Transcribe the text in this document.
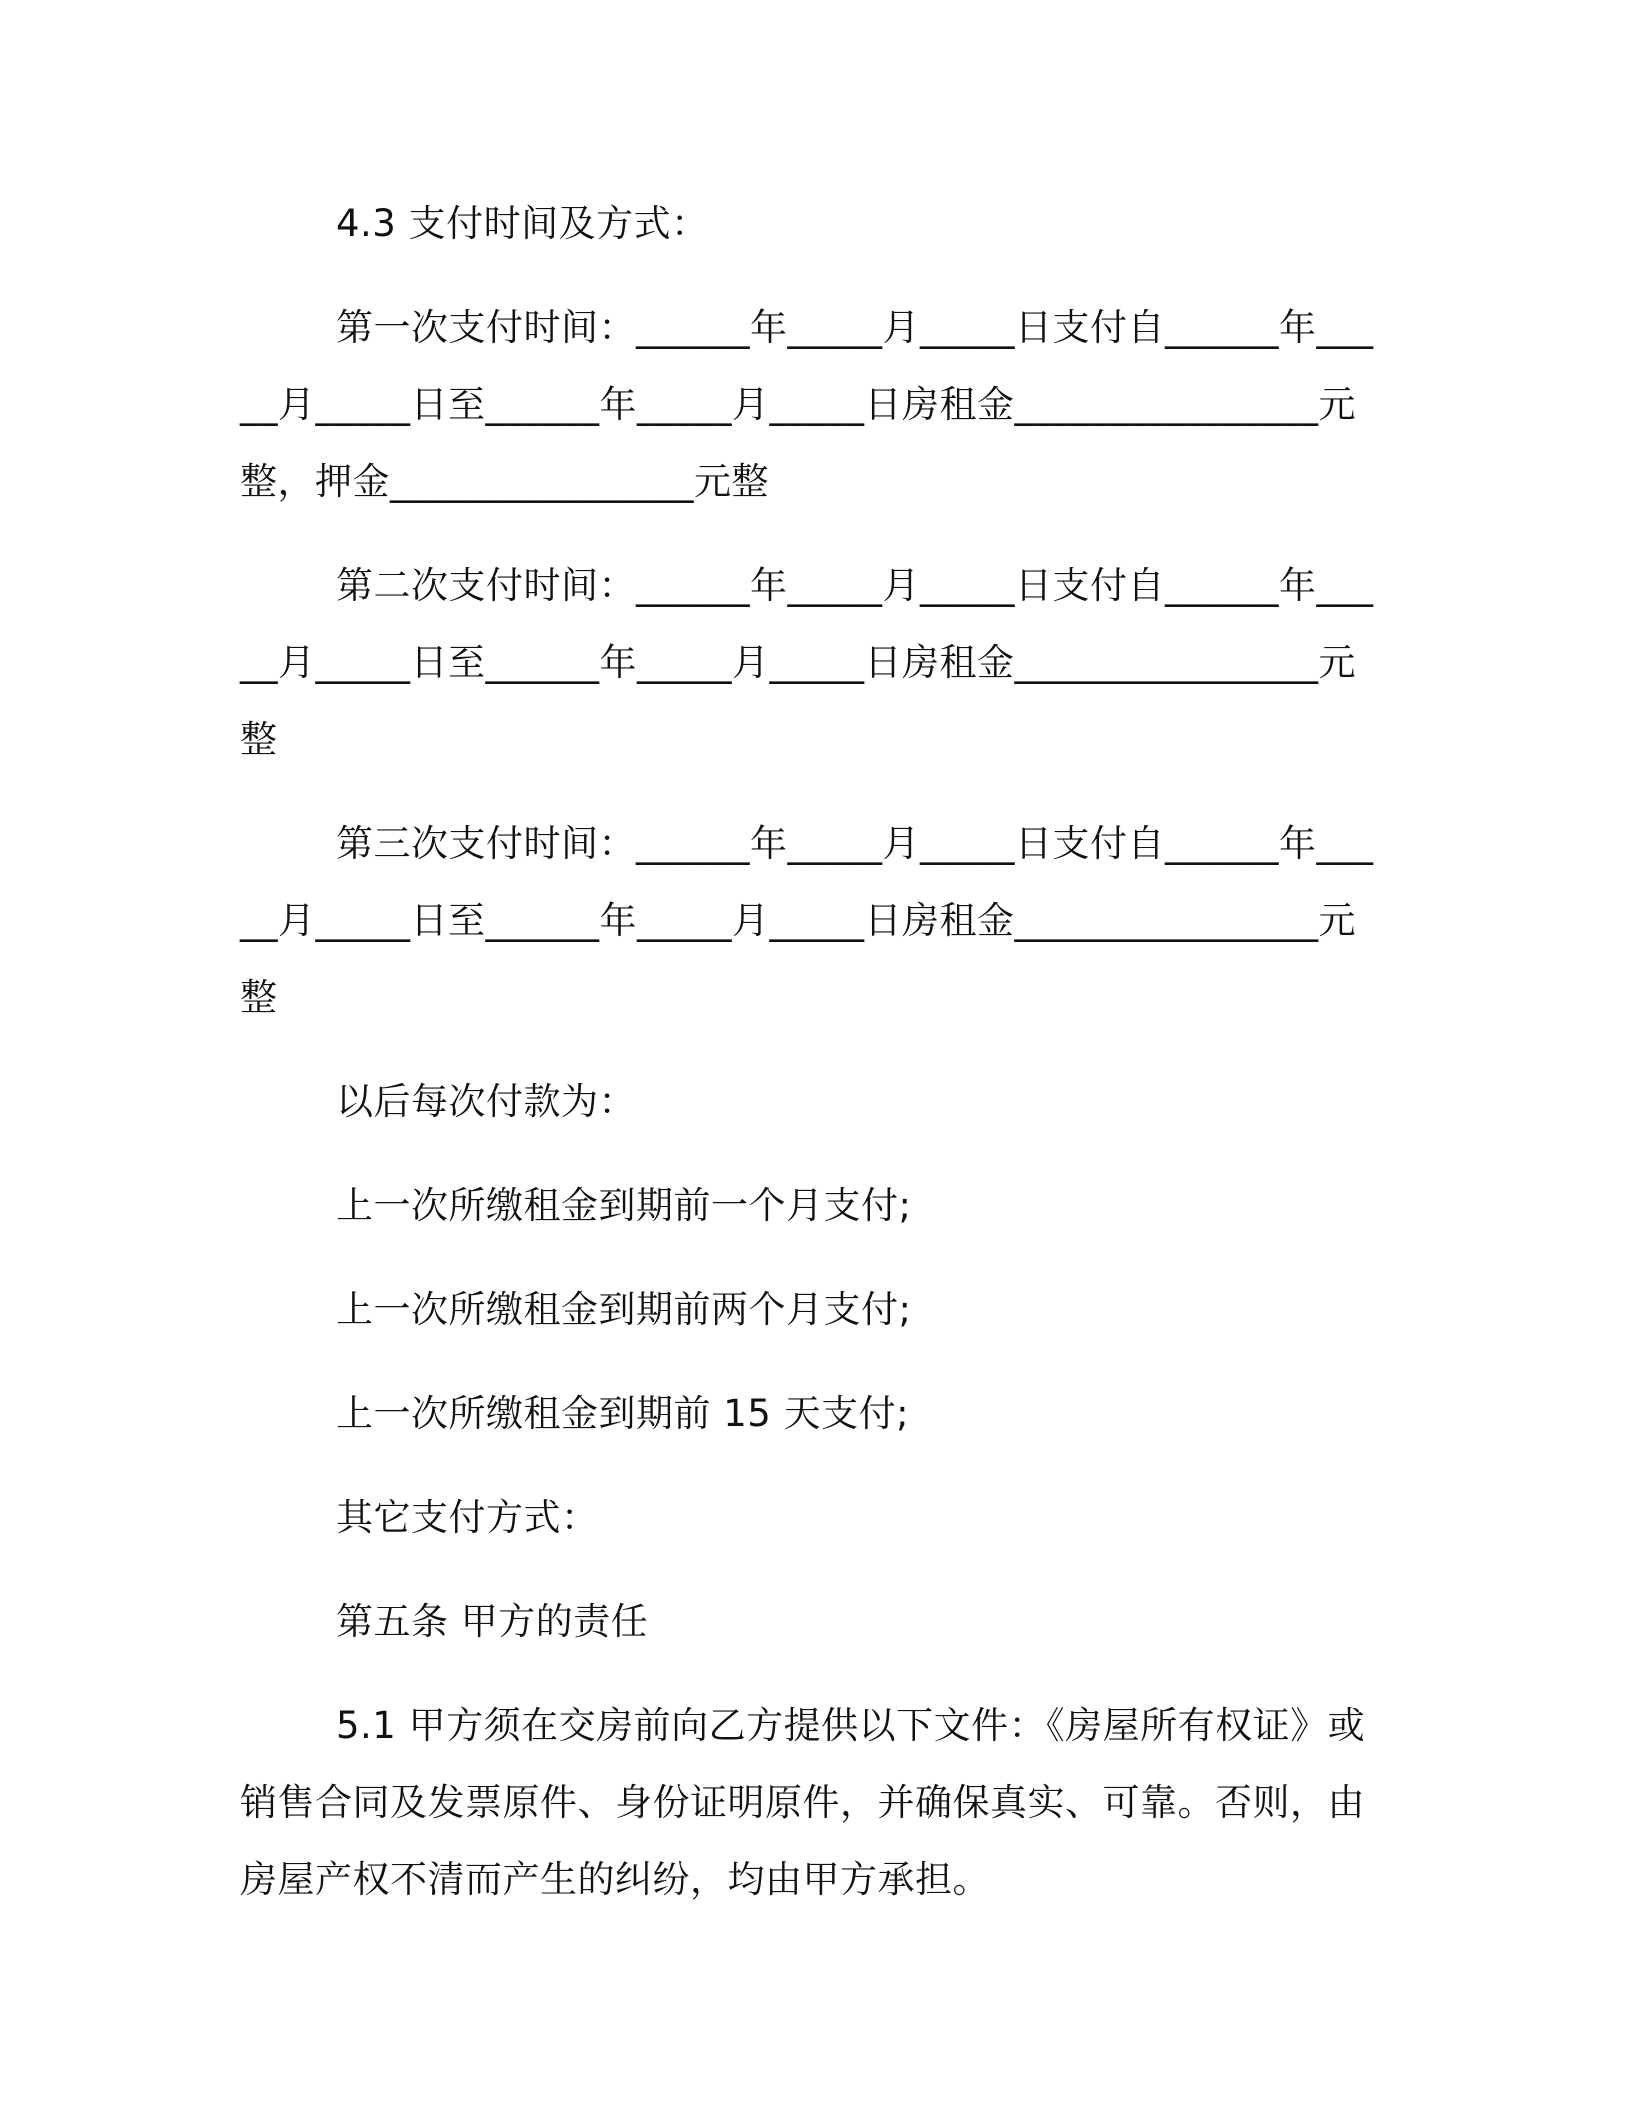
4.3 支付时间及方式：

第一次支付时间：______年_____月_____日支付自______年_____月_____日至______年_____月_____日房租金________________元整，押金________________元整

第二次支付时间：______年_____月_____日支付自______年_____月_____日至______年_____月_____日房租金________________元整

第三次支付时间：______年_____月_____日支付自______年_____月_____日至______年_____月_____日房租金________________元整

以后每次付款为：

上一次所缴租金到期前一个月支付;

上一次所缴租金到期前两个月支付;

上一次所缴租金到期前 15 天支付;

其它支付方式：

第五条 甲方的责任

5.1 甲方须在交房前向乙方提供以下文件：《房屋所有权证》或销售合同及发票原件、身份证明原件，并确保真实、可靠。否则，由房屋产权不清而产生的纠纷，均由甲方承担。
